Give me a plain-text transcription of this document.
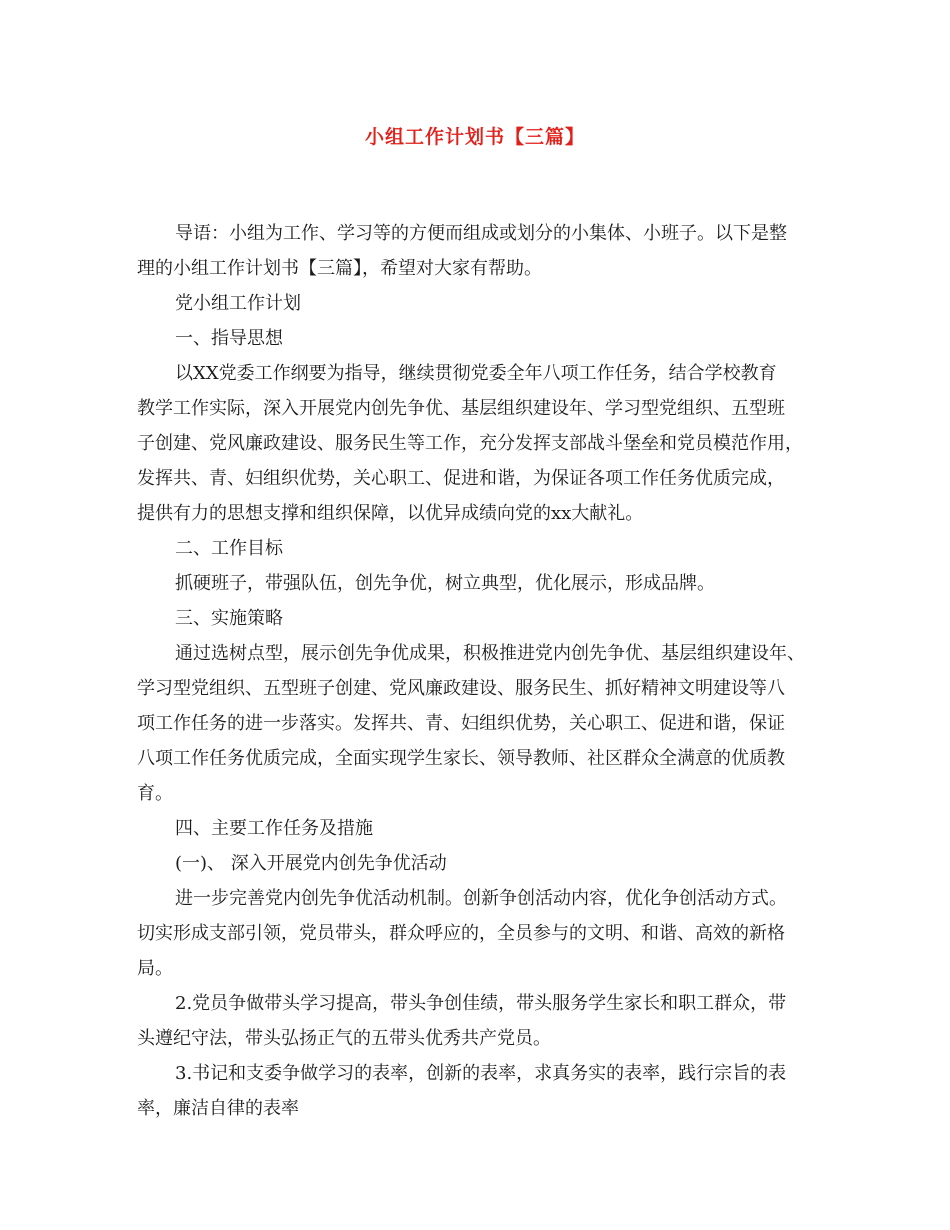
小组工作计划书【三篇】
导语：小组为工作、学习等的方便而组成或划分的小集体、小班子。以下是整
理的小组工作计划书【三篇】，希望对大家有帮助。
党小组工作计划
一、指导思想
以XX党委工作纲要为指导，继续贯彻党委全年八项工作任务，结合学校教育
教学工作实际，深入开展党内创先争优、基层组织建设年、学习型党组织、五型班
子创建、党风廉政建设、服务民生等工作，充分发挥支部战斗堡垒和党员模范作用，
发挥共、青、妇组织优势，关心职工、促进和谐，为保证各项工作任务优质完成，
提供有力的思想支撑和组织保障，以优异成绩向党的xx大献礼。
二、工作目标
抓硬班子，带强队伍，创先争优，树立典型，优化展示，形成品牌。
三、实施策略
通过选树点型，展示创先争优成果，积极推进党内创先争优、基层组织建设年、
学习型党组织、五型班子创建、党风廉政建设、服务民生、抓好精神文明建设等八
项工作任务的进一步落实。发挥共、青、妇组织优势，关心职工、促进和谐，保证
八项工作任务优质完成，全面实现学生家长、领导教师、社区群众全满意的优质教
育。
四、主要工作任务及措施
(一)、 深入开展党内创先争优活动
进一步完善党内创先争优活动机制。创新争创活动内容，优化争创活动方式。
切实形成支部引领，党员带头，群众呼应的，全员参与的文明、和谐、高效的新格
局。
2.党员争做带头学习提高，带头争创佳绩，带头服务学生家长和职工群众，带
头遵纪守法，带头弘扬正气的五带头优秀共产党员。
3.书记和支委争做学习的表率，创新的表率，求真务实的表率，践行宗旨的表
率，廉洁自律的表率
